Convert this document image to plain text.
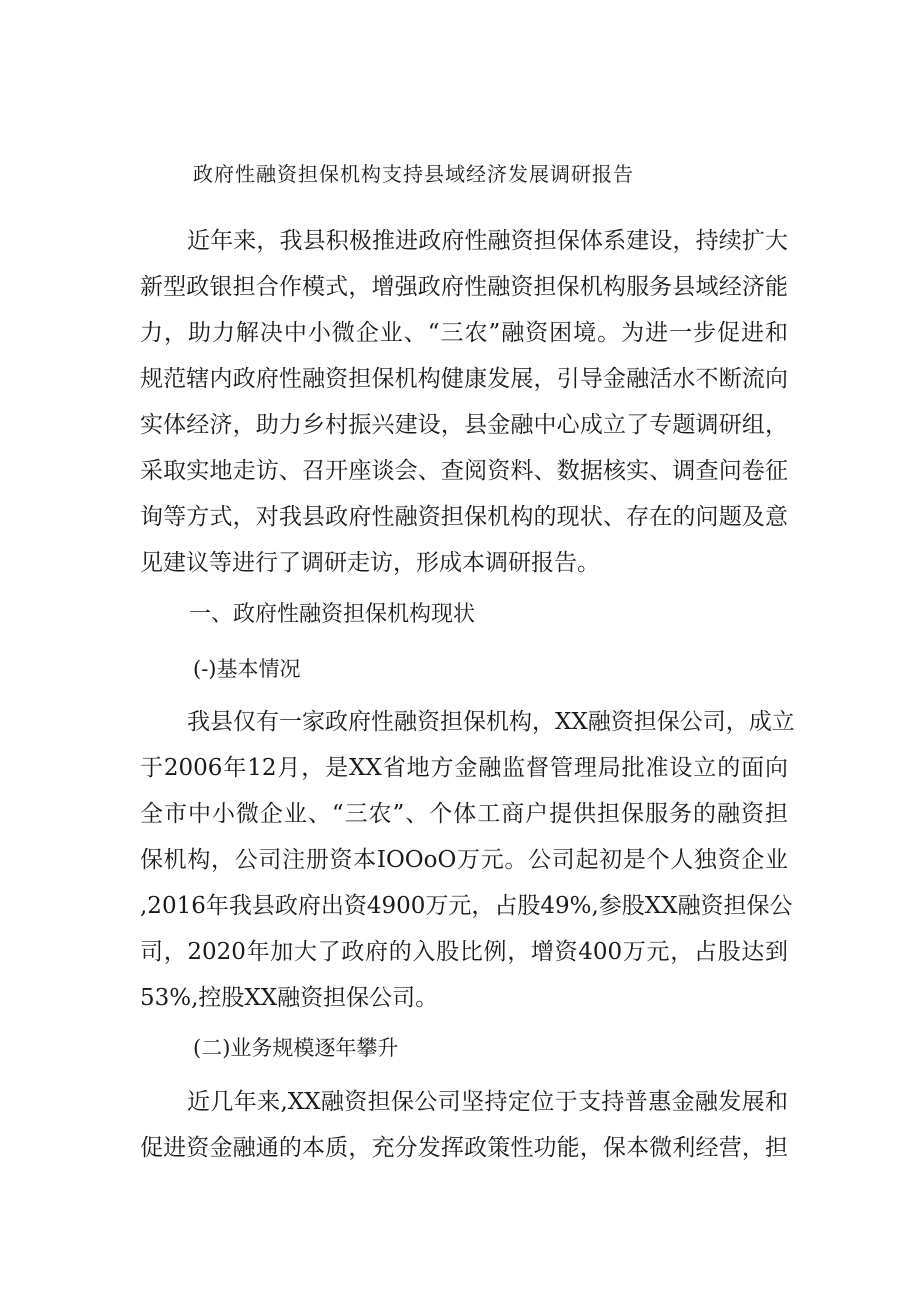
政府性融资担保机构支持县域经济发展调研报告

近年来，我县积极推进政府性融资担保体系建设，持续扩大

新型政银担合作模式，增强政府性融资担保机构服务县域经济能

力，助力解决中小微企业、“三农”融资困境。为进一步促进和

规范辖内政府性融资担保机构健康发展，引导金融活水不断流向

实体经济，助力乡村振兴建设，县金融中心成立了专题调研组，

采取实地走访、召开座谈会、查阅资料、数据核实、调查问卷征

询等方式，对我县政府性融资担保机构的现状、存在的问题及意

见建议等进行了调研走访，形成本调研报告。

一、政府性融资担保机构现状

(-)基本情况

我县仅有一家政府性融资担保机构，XX融资担保公司，成立

于2006年12月，是XX省地方金融监督管理局批准设立的面向

全市中小微企业、“三农”、个体工商户提供担保服务的融资担

保机构，公司注册资本IOOoO万元。公司起初是个人独资企业

,2016年我县政府出资4900万元，占股49%,参股XX融资担保公

司，2020年加大了政府的入股比例，增资400万元，占股达到

53%,控股XX融资担保公司。

(二)业务规模逐年攀升

近几年来,XX融资担保公司坚持定位于支持普惠金融发展和

促进资金融通的本质，充分发挥政策性功能，保本微利经营，担
